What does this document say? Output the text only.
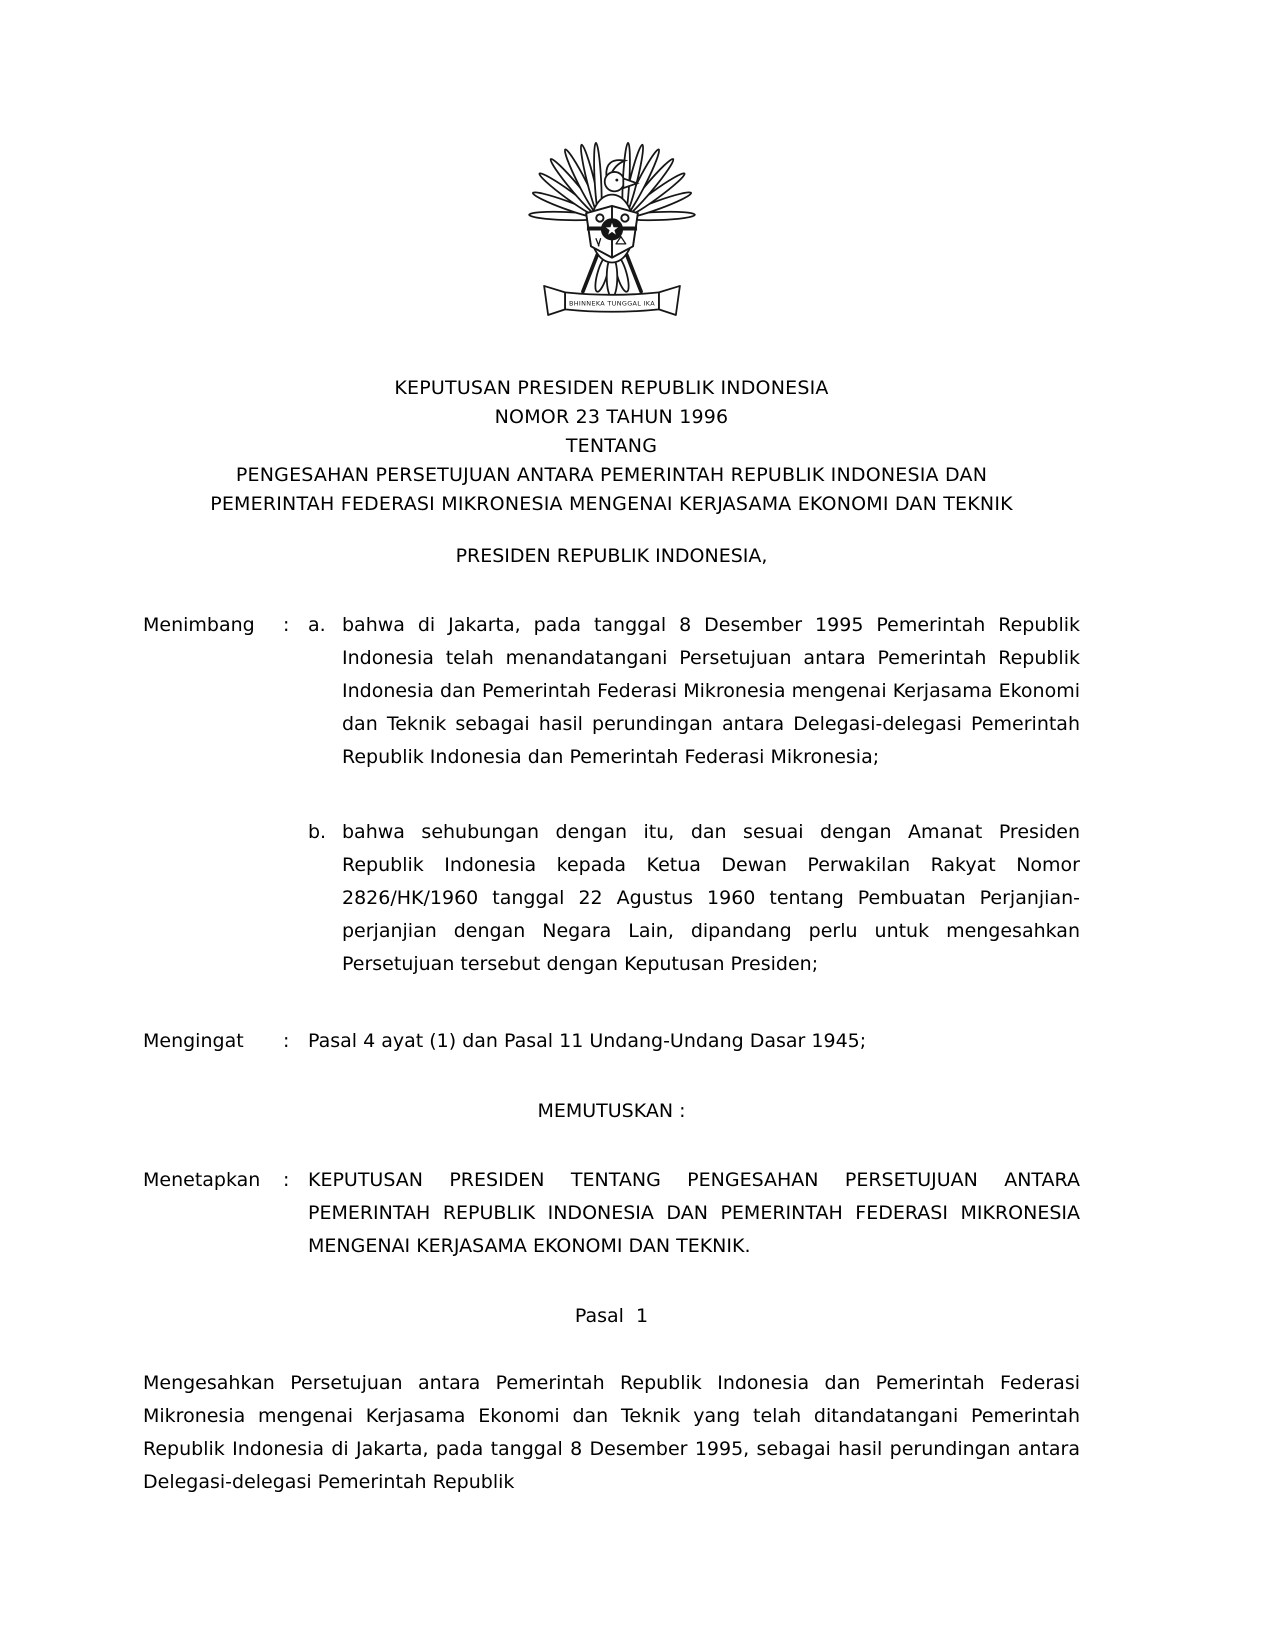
BHINNEKA TUNGGAL IKA
KEPUTUSAN PRESIDEN REPUBLIK INDONESIA
NOMOR 23 TAHUN 1996
TENTANG
PENGESAHAN PERSETUJUAN ANTARA PEMERINTAH REPUBLIK INDONESIA DAN
PEMERINTAH FEDERASI MIKRONESIA MENGENAI KERJASAMA EKONOMI DAN TEKNIK
PRESIDEN REPUBLIK INDONESIA,
Menimbang	: a. bahwa di Jakarta, pada tanggal 8 Desember 1995 Pemerintah Republik Indonesia telah menandatangani Persetujuan antara Pemerintah Republik Indonesia dan Pemerintah Federasi Mikronesia mengenai Kerjasama Ekonomi dan Teknik sebagai hasil perundingan antara Delegasi-delegasi Pemerintah Republik Indonesia dan Pemerintah Federasi Mikronesia;
b. bahwa sehubungan dengan itu, dan sesuai dengan Amanat Presiden Republik Indonesia kepada Ketua Dewan Perwakilan Rakyat Nomor 2826/HK/1960 tanggal 22 Agustus 1960 tentang Pembuatan Perjanjian-perjanjian dengan Negara Lain, dipandang perlu untuk mengesahkan Persetujuan tersebut dengan Keputusan Presiden;
Mengingat	: Pasal 4 ayat (1) dan Pasal 11 Undang-Undang Dasar 1945;
MEMUTUSKAN :
Menetapkan	: KEPUTUSAN PRESIDEN TENTANG PENGESAHAN PERSETUJUAN ANTARA PEMERINTAH REPUBLIK INDONESIA DAN PEMERINTAH FEDERASI MIKRONESIA MENGENAI KERJASAMA EKONOMI DAN TEKNIK.
Pasal  1

Mengesahkan Persetujuan antara Pemerintah Republik Indonesia dan Pemerintah Federasi Mikronesia mengenai Kerjasama Ekonomi dan Teknik yang telah ditandatangani Pemerintah Republik Indonesia di Jakarta, pada tanggal 8 Desember 1995, sebagai hasil perundingan antara Delegasi-delegasi Pemerintah Republik
